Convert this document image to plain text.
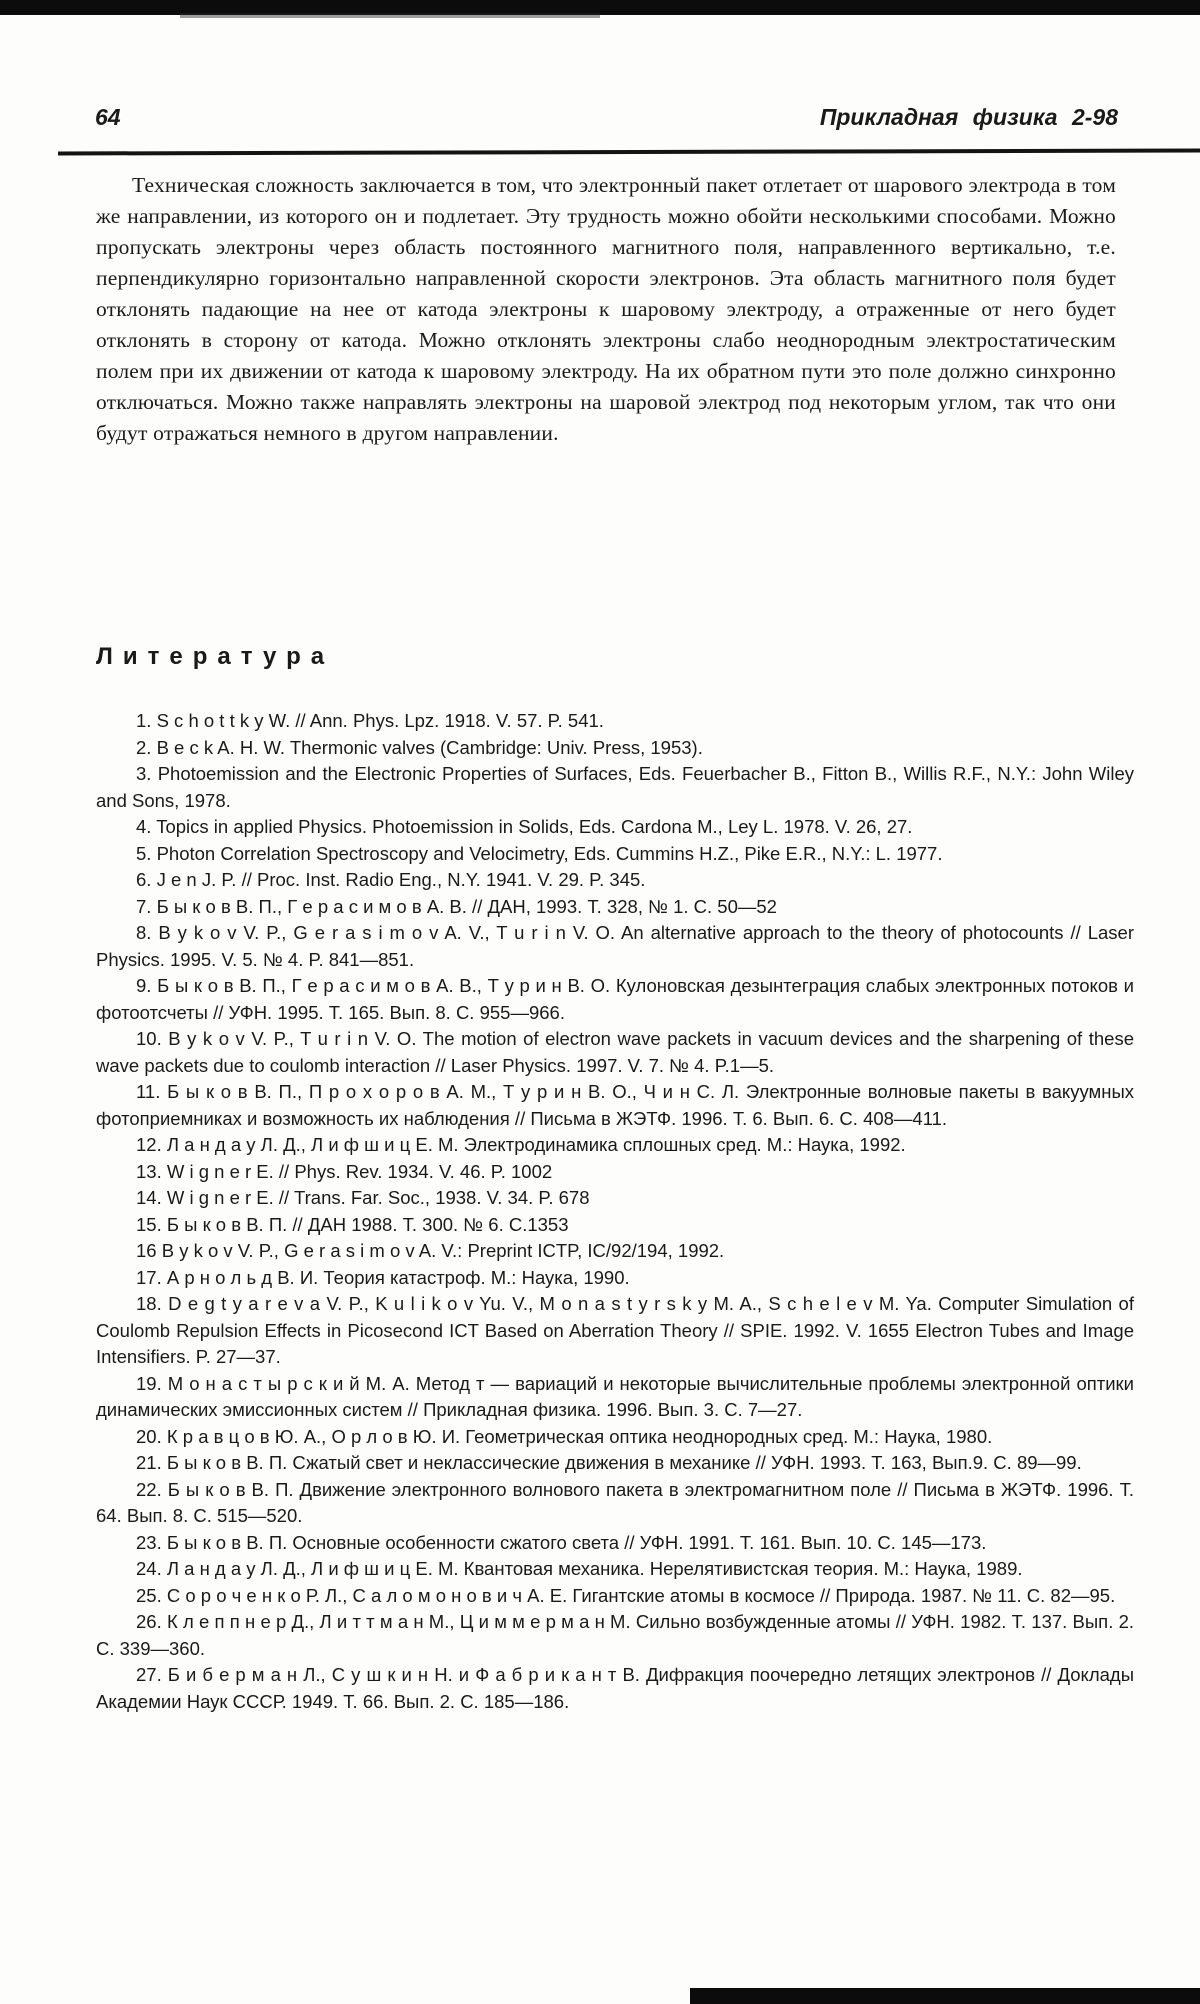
64	Прикладная физика 2-98

Техническая сложность заключается в том, что электронный пакет отлетает от шарового электрода в том же направлении, из которого он и подлетает. Эту трудность можно обойти несколькими способами. Можно пропускать электроны через область постоянного магнитного поля, направленного вертикально, т.е. перпендикулярно горизонтально направленной скорости электронов. Эта область магнитного поля будет отклонять падающие на нее от катода электроны к шаровому электроду, а отраженные от него будет отклонять в сторону от катода. Можно отклонять электроны слабо неоднородным электростатическим полем при их движении от катода к шаровому электроду. На их обратном пути это поле должно синхронно отключаться. Можно также направлять электроны на шаровой электрод под некоторым углом, так что они будут отражаться немного в другом направлении.

Литература

1. S c h o t t k y W. // Ann. Phys. Lpz. 1918. V. 57. P. 541.

2. B e c k A. H. W. Thermonic valves (Cambridge: Univ. Press, 1953).

3. Photoemission and the Electronic Properties of Surfaces, Eds. Feuerbacher B., Fitton B., Willis R.F., N.Y.: John Wiley and Sons, 1978.

4. Topics in applied Physics. Photoemission in Solids, Eds. Cardona M., Ley L. 1978. V. 26, 27.

5. Photon Correlation Spectroscopy and Velocimetry, Eds. Cummins H.Z., Pike E.R., N.Y.: L. 1977.

6. J e n J. P. // Proc. Inst. Radio Eng., N.Y. 1941. V. 29. P. 345.

7. Б ы к о в В. П., Г е р а с и м о в А. В. // ДАН, 1993. Т. 328, № 1. С. 50—52

8. B y k o v V. P., G e r a s i m o v A. V., T u r i n V. O. An alternative approach to the theory of photocounts // Laser Physics. 1995. V. 5. № 4. P. 841—851.

9. Б ы к о в В. П., Г е р а с и м о в А. В., Т у р и н В. О. Кулоновская дезынтеграция слабых электронных потоков и фотоотсчеты // УФН. 1995. Т. 165. Вып. 8. С. 955—966.

10. B y k o v V. P., T u r i n V. O. The motion of electron wave packets in vacuum devices and the sharpening of these wave packets due to coulomb interaction // Laser Physics. 1997. V. 7. № 4. P.1—5.

11. Б ы к о в В. П., П р о х о р о в А. М., Т у р и н В. О., Ч и н С. Л. Электронные волновые пакеты в вакуумных фотоприемниках и возможность их наблюдения // Письма в ЖЭТФ. 1996. Т. 6. Вып. 6. С. 408—411.

12. Л а н д а у Л. Д., Л и ф ш и ц Е. М. Электродинамика сплошных сред. М.: Наука, 1992.

13. W i g n e r E. // Phys. Rev. 1934. V. 46. P. 1002

14. W i g n e r E. // Trans. Far. Soc., 1938. V. 34. P. 678

15. Б ы к о в В. П. // ДАН 1988. Т. 300. № 6. С.1353

16 B y k o v V. P., G e r a s i m o v A. V.: Preprint ICTP, IC/92/194, 1992.

17. А р н о л ь д В. И. Теория катастроф. М.: Наука, 1990.

18. D e g t y a r e v a V. P., K u l i k o v Yu. V., M o n a s t y r s k y M. A., S c h e l e v M. Ya. Computer Simulation of Coulomb Repulsion Effects in Picosecond ICT Based on Aberration Theory // SPIE. 1992. V. 1655 Electron Tubes and Image Intensifiers. P. 27—37.

19. М о н а с т ы р с к и й М. А. Метод т — вариаций и некоторые вычислительные проблемы электронной оптики динамических эмиссионных систем // Прикладная физика. 1996. Вып. 3. С. 7—27.

20. К р а в ц о в Ю. А., О р л о в Ю. И. Геометрическая оптика неоднородных сред. М.: Наука, 1980.

21. Б ы к о в В. П. Сжатый свет и неклассические движения в механике // УФН. 1993. Т. 163, Вып.9. С. 89—99.

22. Б ы к о в В. П. Движение электронного волнового пакета в электромагнитном поле // Письма в ЖЭТФ. 1996. Т. 64. Вып. 8. С. 515—520.

23. Б ы к о в В. П. Основные особенности сжатого света // УФН. 1991. Т. 161. Вып. 10. С. 145—173.

24. Л а н д а у Л. Д., Л и ф ш и ц Е. М. Квантовая механика. Нерелятивистская теория. М.: Наука, 1989.

25. С о р о ч е н к о Р. Л., С а л о м о н о в и ч А. Е. Гигантские атомы в космосе // Природа. 1987. № 11. С. 82—95.

26. К л е п п н е р Д., Л и т т м а н М., Ц и м м е р м а н М. Сильно возбужденные атомы // УФН. 1982. Т. 137. Вып. 2. С. 339—360.

27. Б и б е р м а н Л., С у ш к и н Н. и Ф а б р и к а н т В. Дифракция поочередно летящих электронов // Доклады Академии Наук СССР. 1949. Т. 66. Вып. 2. С. 185—186.
